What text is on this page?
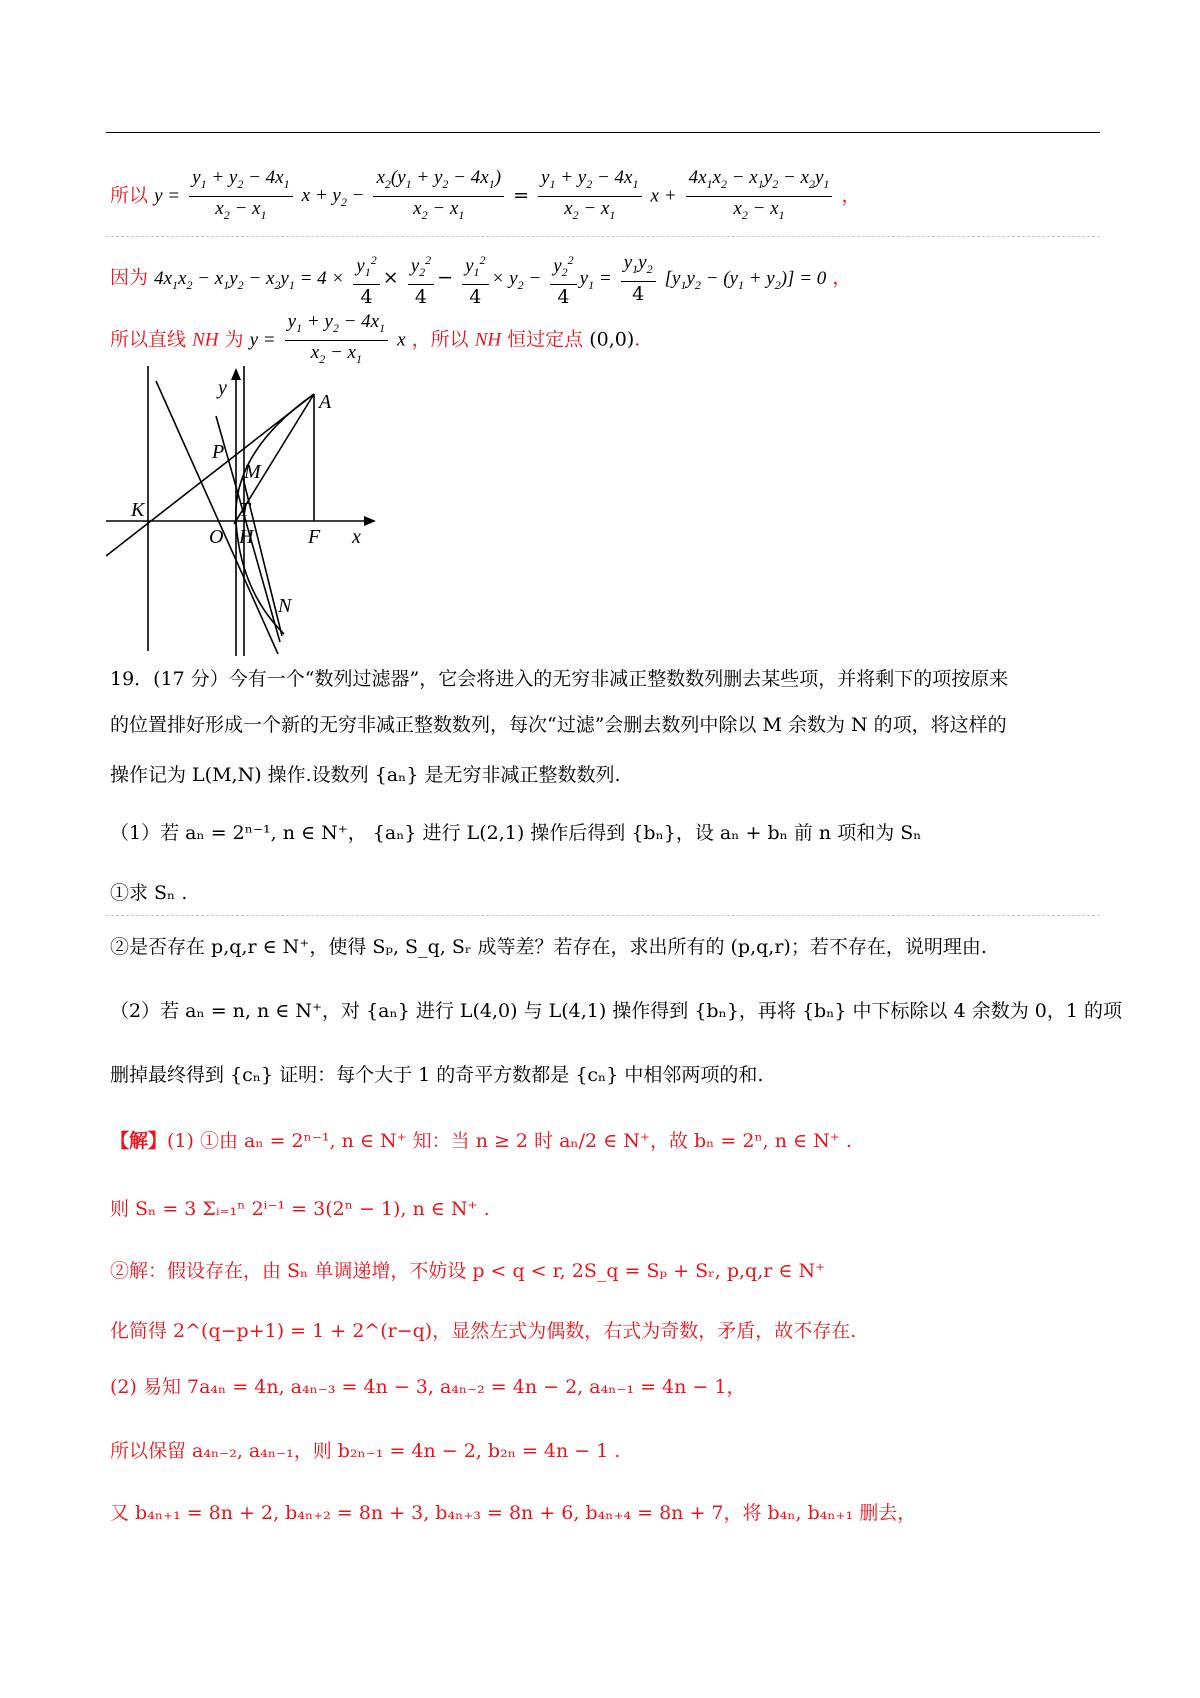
所以 $y = \frac{y_1 + y_2 - 4x_1}{x_2 - x_1}$ $x + y_2 - \frac{x_2(y_1 + y_2 - 4x_1)}{x_2 - x_1} = \frac{y_1 + y_2 - 4x_1}{x_2 - x_1}$ $x + \frac{4x_1x_2 - x_1y_2 - x_2y_1}{x_2 - x_1}$ ，
因为 $4x_1x_2 - x_1y_2 - x_2y_1 = 4 \times \frac{y_1^2}{4} \times \frac{y_2^2}{4} - \frac{y_1^2}{4} \times y_2 - \frac{y_2^2}{4} y_1 = \frac{y_1y_2}{4} [y_1y_2 - (y_1 + y_2)] = 0$ ，
所以直线 NH 为 $y = \frac{y_1 + y_2 - 4x_1}{x_2 - x_1}$ x ，所以 NH 恒过定点 (0,0).
y
A
P
M
K	T
O H	F x
N
19．(17 分）今有一个“数列过滤器”，它会将进入的无穷非减正整数数列删去某些项，并将剩下的项按原来
的位置排好形成一个新的无穷非减正整数数列，每次“过滤”会删去数列中除以 M 余数为 N 的项，将这样的
操作记为 L(M,N) 操作.设数列 {aₙ} 是无穷非减正整数数列.
（1）若 aₙ = 2ⁿ⁻¹, n ∈ N⁺， {aₙ} 进行 L(2,1) 操作后得到 {bₙ}，设 aₙ + bₙ 前 n 项和为 Sₙ
①求 Sₙ .
②是否存在 p,q,r ∈ N⁺，使得 Sₚ, S_q, Sᵣ 成等差？若存在，求出所有的 (p,q,r)；若不存在，说明理由.
（2）若 aₙ = n, n ∈ N⁺，对 {aₙ} 进行 L(4,0) 与 L(4,1) 操作得到 {bₙ}，再将 {bₙ} 中下标除以 4 余数为 0，1 的项
删掉最终得到 {cₙ} 证明：每个大于 1 的奇平方数都是 {cₙ} 中相邻两项的和.
【解】(1) ①由 aₙ = 2ⁿ⁻¹, n ∈ N⁺ 知：当 n ≥ 2 时 aₙ/2 ∈ N⁺，故 bₙ = 2ⁿ, n ∈ N⁺ .
则 Sₙ = 3 Σᵢ₌₁ⁿ 2ⁱ⁻¹ = 3(2ⁿ − 1), n ∈ N⁺ .
②解：假设存在，由 Sₙ 单调递增，不妨设 p < q < r, 2S_q = Sₚ + Sᵣ, p,q,r ∈ N⁺
化简得 2^(q−p+1) = 1 + 2^(r−q)，显然左式为偶数，右式为奇数，矛盾，故不存在.
(2) 易知 7a₄ₙ = 4n, a₄ₙ₋₃ = 4n − 3, a₄ₙ₋₂ = 4n − 2, a₄ₙ₋₁ = 4n − 1，
所以保留 a₄ₙ₋₂, a₄ₙ₋₁，则 b₂ₙ₋₁ = 4n − 2, b₂ₙ = 4n − 1 .
又 b₄ₙ₊₁ = 8n + 2, b₄ₙ₊₂ = 8n + 3, b₄ₙ₊₃ = 8n + 6, b₄ₙ₊₄ = 8n + 7，将 b₄ₙ, b₄ₙ₊₁ 删去，
